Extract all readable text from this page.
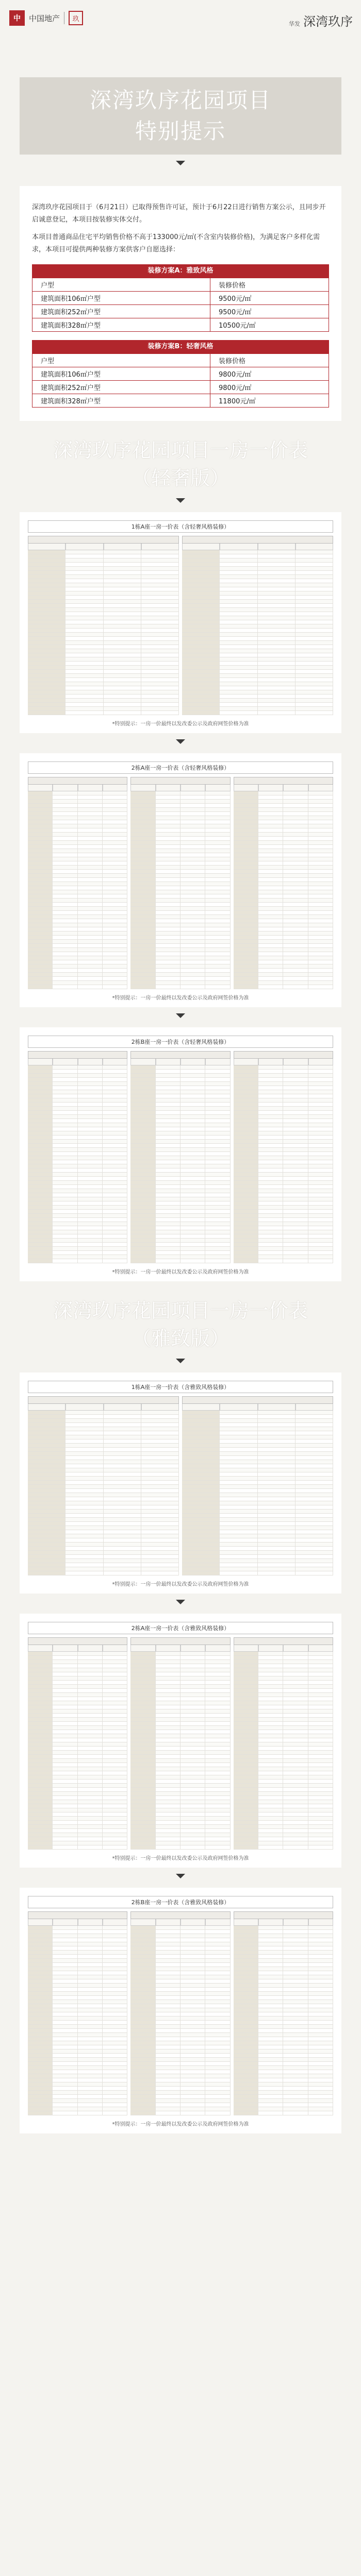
中	中国地产	玖
华发 深湾玖序
深湾玖序花园项目
特别提示

深湾玖序花园项目于（6月21日）已取得预售许可证，预计于6月22日进行销售方案公示，且同步开启诚意登记，本项目按装修实体交付。

本项目普通商品住宅平均销售价格不高于133000元/㎡(不含室内装修价格)，为满足客户多样化需求，本项目可提供两种装修方案供客户自愿选择：

装修方案A：雅致风格
户型	装修价格
建筑面积106㎡户型	9500元/㎡
建筑面积252㎡户型	9500元/㎡
建筑面积328㎡户型	10500元/㎡
装修方案B：轻奢风格
户型	装修价格
建筑面积106㎡户型	9800元/㎡
建筑面积252㎡户型	9800元/㎡
建筑面积328㎡户型	11800元/㎡
深湾玖序花园项目一房一价表
（轻奢版）
1栋A座一房一价表（含轻奢风格装修）

*特别提示：一房一价最终以发改委公示及政府网签价格为准
2栋A座一房一价表（含轻奢风格装修）

*特别提示：一房一价最终以发改委公示及政府网签价格为准
2栋B座一房一价表（含轻奢风格装修）

*特别提示：一房一价最终以发改委公示及政府网签价格为准
深湾玖序花园项目一房一价表
（雅致版）
1栋A座一房一价表（含雅致风格装修）

*特别提示：一房一价最终以发改委公示及政府网签价格为准
2栋A座一房一价表（含雅致风格装修）

*特别提示：一房一价最终以发改委公示及政府网签价格为准
2栋B座一房一价表（含雅致风格装修）

*特别提示：一房一价最终以发改委公示及政府网签价格为准
